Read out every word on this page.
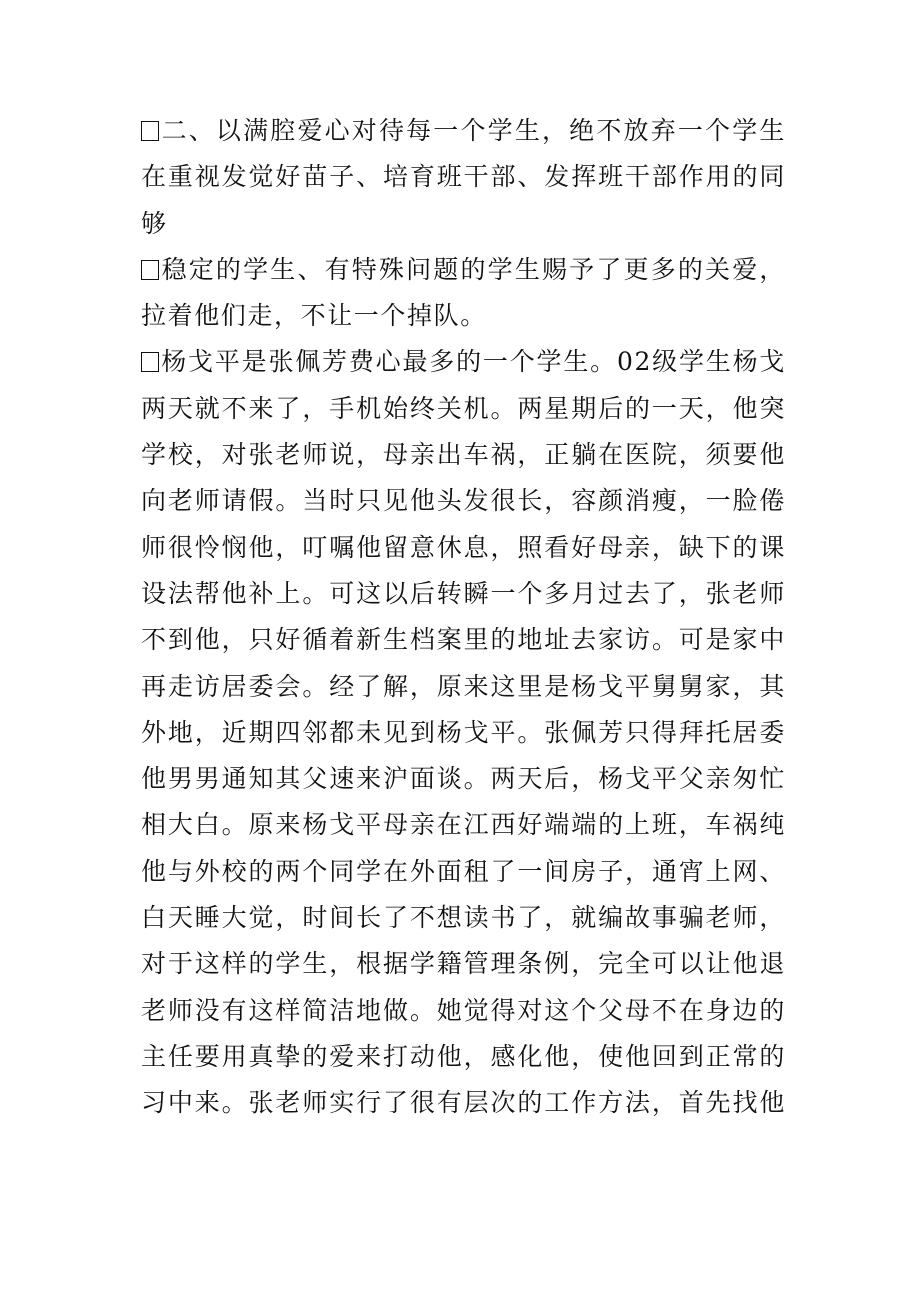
二、以满腔爱心对待每一个学生，绝不放弃一个学生
在重视发觉好苗子、培育班干部、发挥班干部作用的同
够
稳定的学生、有特殊问题的学生赐予了更多的关爱，
拉着他们走，不让一个掉队。
杨戈平是张佩芳费心最多的一个学生。02级学生杨戈
两天就不来了，手机始终关机。两星期后的一天，他突
学校，对张老师说，母亲出车祸，正躺在医院，须要他
向老师请假。当时只见他头发很长，容颜消瘦，一脸倦
师很怜悯他，叮嘱他留意休息，照看好母亲，缺下的课
设法帮他补上。可这以后转瞬一个多月过去了，张老师
不到他，只好循着新生档案里的地址去家访。可是家中
再走访居委会。经了解，原来这里是杨戈平舅舅家，其
外地，近期四邻都未见到杨戈平。张佩芳只得拜托居委
他男男通知其父速来沪面谈。两天后，杨戈平父亲匆忙
相大白。原来杨戈平母亲在江西好端端的上班，车祸纯
他与外校的两个同学在外面租了一间房子，通宵上网、
白天睡大觉，时间长了不想读书了，就编故事骗老师，
对于这样的学生，根据学籍管理条例，完全可以让他退
老师没有这样简洁地做。她觉得对这个父母不在身边的
主任要用真挚的爱来打动他，感化他，使他回到正常的
习中来。张老师实行了很有层次的工作方法，首先找他
